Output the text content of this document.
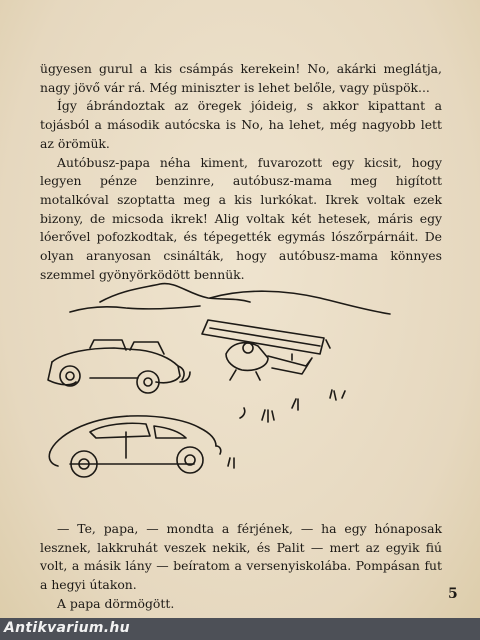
ügyesen gurul a kis csámpás kerekein! No, akárki meglátja, nagy jövő vár rá. Még miniszter is lehet belőle, vagy püspök...

Így ábrándoztak az öregek jóideig, s akkor kipattant a tojásból a második autócska is No, ha lehet, még nagyobb lett az örömük.

Autóbusz-papa néha kiment, fuvarozott egy kicsit, hogy legyen pénze benzinre, autóbusz-mama meg higított motalkóval szoptatta meg a kis lurkókat. Ikrek voltak ezek bizony, de micsoda ikrek! Alig voltak két hetesek, máris egy lóerővel pofozkodtak, és tépegették egymás lószőrpárnáit. De olyan aranyosan csinálták, hogy autóbusz-mama könnyes szemmel gyönyörködött bennük.

— Te, papa, — mondta a férjének, — ha egy hónaposak lesznek, lakkruhát veszek nekik, és Palit — mert az egyik fiú volt, a másik lány — beíratom a versenyiskolába. Pompásan fut a hegyi útakon.

A papa dörmögött.

5
Antikvarium.hu
